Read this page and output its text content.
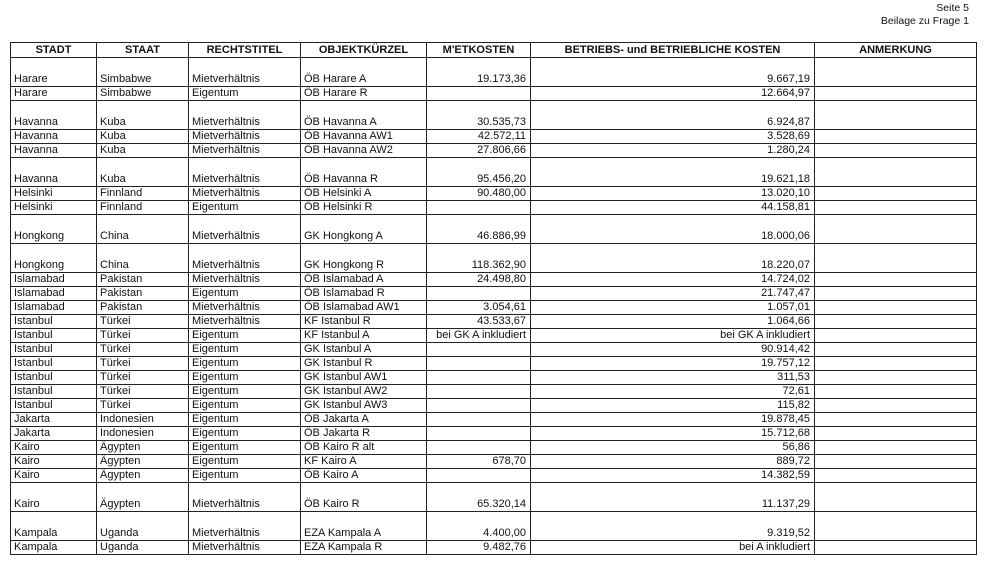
Seite 5
Beilage zu Frage 1
STADT	STAAT	RECHTSTITEL	OBJEKTKÜRZEL	M'ETKOSTEN	BETRIEBS- und BETRIEBLICHE KOSTEN	ANMERKUNG
Harare	Simbabwe	Mietverhältnis	ÖB Harare A	19.173,36	9.667,19	
Harare	Simbabwe	Eigentum	ÖB Harare R		12.664,97	
Havanna	Kuba	Mietverhältnis	ÖB Havanna A	30.535,73	6.924,87	
Havanna	Kuba	Mietverhältnis	ÖB Havanna AW1	42.572,11	3.528,69	
Havanna	Kuba	Mietverhältnis	ÖB Havanna AW2	27.806,66	1.280,24	
Havanna	Kuba	Mietverhältnis	ÖB Havanna R	95.456,20	19.621,18	
Helsinki	Finnland	Mietverhältnis	ÖB Helsinki A	90.480,00	13.020,10	
Helsinki	Finnland	Eigentum	ÖB Helsinki R		44.158,81	
Hongkong	China	Mietverhältnis	GK Hongkong A	46.886,99	18.000,06	
Hongkong	China	Mietverhältnis	GK Hongkong R	118.362,90	18.220,07	
Islamabad	Pakistan	Mietverhältnis	ÖB Islamabad A	24.498,80	14.724,02	
Islamabad	Pakistan	Eigentum	ÖB Islamabad R		21.747,47	
Islamabad	Pakistan	Mietverhältnis	ÖB Islamabad AW1	3.054,61	1.057,01	
Istanbul	Türkei	Mietverhältnis	KF Istanbul R	43.533,67	1.064,66	
Istanbul	Türkei	Eigentum	KF Istanbul A	bei GK A inkludiert	bei GK A inkludiert	
Istanbul	Türkei	Eigentum	GK Istanbul A		90.914,42	
Istanbul	Türkei	Eigentum	GK Istanbul R		19.757,12	
Istanbul	Türkei	Eigentum	GK Istanbul AW1		311,53	
Istanbul	Türkei	Eigentum	GK Istanbul AW2		72,61	
Istanbul	Türkei	Eigentum	GK Istanbul AW3		115,82	
Jakarta	Indonesien	Eigentum	ÖB Jakarta A		19.878,45	
Jakarta	Indonesien	Eigentum	ÖB Jakarta R		15.712,68	
Kairo	Ägypten	Eigentum	ÖB Kairo R alt		56,86	
Kairo	Ägypten	Eigentum	KF Kairo A	678,70	889,72	
Kairo	Ägypten	Eigentum	ÖB Kairo A		14.382,59	
Kairo	Ägypten	Mietverhältnis	ÖB Kairo R	65.320,14	11.137,29	
Kampala	Uganda	Mietverhältnis	EZA Kampala A	4.400,00	9.319,52	
Kampala	Uganda	Mietverhältnis	EZA Kampala R	9.482,76	bei A inkludiert	
